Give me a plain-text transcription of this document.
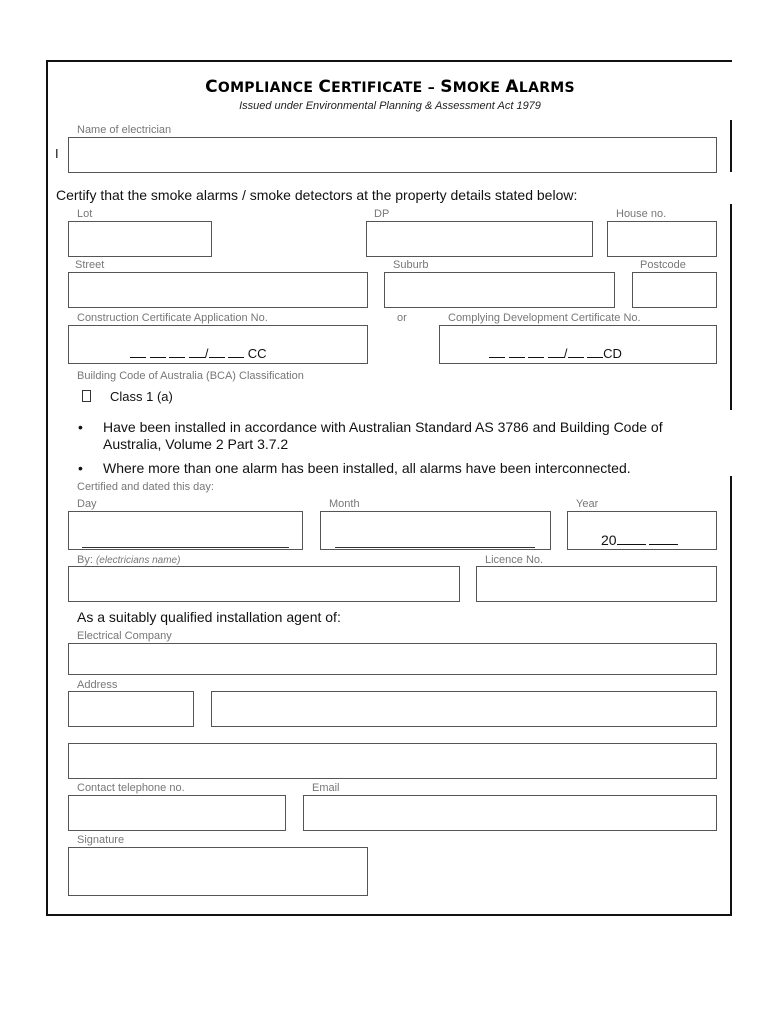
COMPLIANCE CERTIFICATE – SMOKE ALARMS
Issued under Environmental Planning & Assessment Act 1979
Name of electrician
I
Certify that the smoke alarms / smoke detectors at the property details stated below:
Lot	DP	House no.
Street	Suburb	Postcode
Construction Certificate Application No.	or	Complying Development Certificate No.
/	CC	/	CD
Building Code of Australia (BCA) Classification
Class 1 (a)
• Have been installed in accordance with Australian Standard AS 3786 and Building Code of
Australia, Volume 2 Part 3.7.2
• Where more than one alarm has been installed, all alarms have been interconnected.
Certified and dated this day:
Day	Month	Year
20
By: (electricians name)	Licence No.
As a suitably qualified installation agent of:
Electrical Company
Address
Contact telephone no.	Email
Signature
